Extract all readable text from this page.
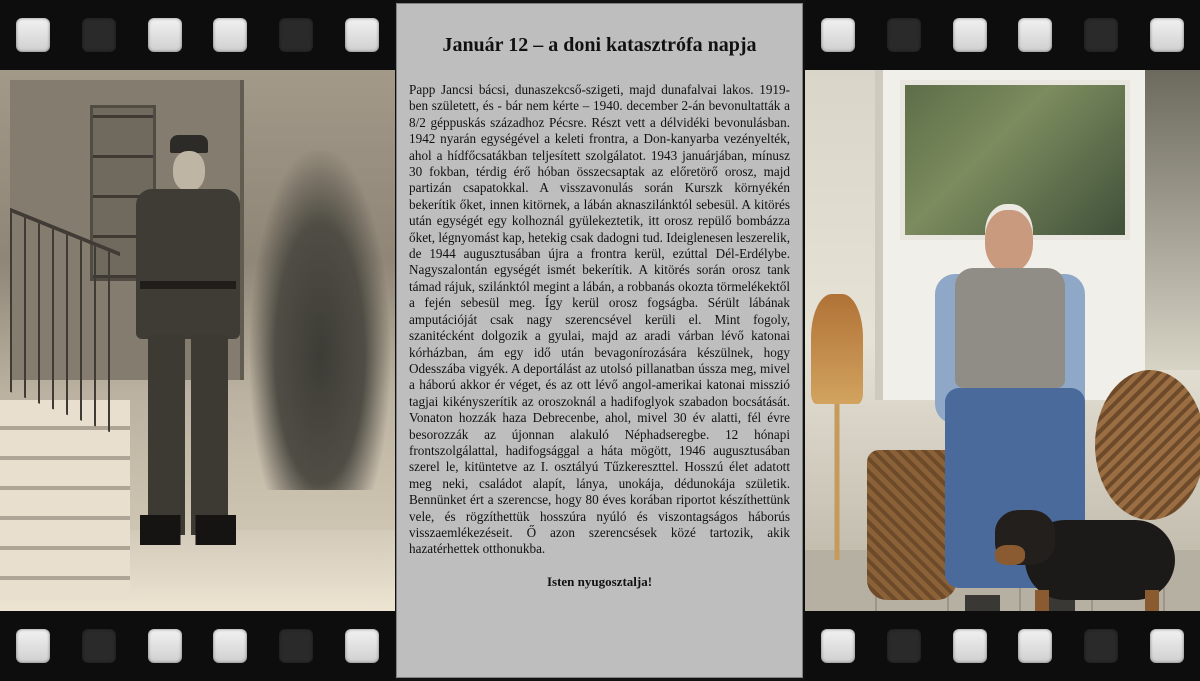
Január 12 – a doni katasztrófa napja

Papp Jancsi bácsi, dunaszekcső-szigeti, majd dunafalvai lakos. 1919-ben született, és - bár nem kérte – 1940. december 2-án bevonultatták a 8/2 géppuskás századhoz Pécsre. Részt vett a délvidéki bevonulásban. 1942 nyarán egységével a keleti frontra, a Don-kanyarba vezényelték, ahol a hídfőcsatákban teljesített szolgálatot. 1943 januárjában, mínusz 30 fokban, térdig érő hóban összecsaptak az előretörő orosz, majd partizán csapatokkal. A visszavonulás során Kurszk környékén bekerítik őket, innen kitörnek, a lábán aknaszilánktól sebesül. A kitörés után egységét egy kolhoznál gyülekeztetik, itt orosz repülő bombázza őket, légnyomást kap, hetekig csak dadogni tud. Ideiglenesen leszerelik, de 1944 augusztusában újra a frontra kerül, ezúttal Dél-Erdélybe. Nagyszalontán egységét ismét bekerítik. A kitörés során orosz tank támad rájuk, szilánktól megint a lábán, a robbanás okozta törmelékektől a fején sebesül meg. Így kerül orosz fogságba. Sérült lábának amputációját csak nagy szerencsével kerüli el. Mint fogoly, szanitécként dolgozik a gyulai, majd az aradi várban lévő katonai kórházban, ám egy idő után bevagonírozására készülnek, hogy Odesszába vigyék. A deportálást az utolsó pillanatban ússza meg, mivel a háború akkor ér véget, és az ott lévő angol-amerikai katonai misszió tagjai kikényszerítik az oroszoknál a hadifoglyok szabadon bocsátását. Vonaton hozzák haza Debrecenbe, ahol, mivel 30 év alatti, fél évre besorozzák az újonnan alakuló Néphadseregbe. 12 hónapi frontszolgálattal, hadifogsággal a háta mögött, 1946 augusztusában szerel le, kitüntetve az I. osztályú Tűzkereszttel. Hosszú élet adatott meg neki, családot alapít, lánya, unokája, dédunokája születik. Bennünket ért a szerencse, hogy 80 éves korában riportot készíthettünk vele, és rögzíthettük hosszúra nyúló és viszontagságos háborús visszaemlékezéseit. Ő azon szerencsések közé tartozik, akik hazatérhettek otthonukba.

Isten nyugosztalja!
